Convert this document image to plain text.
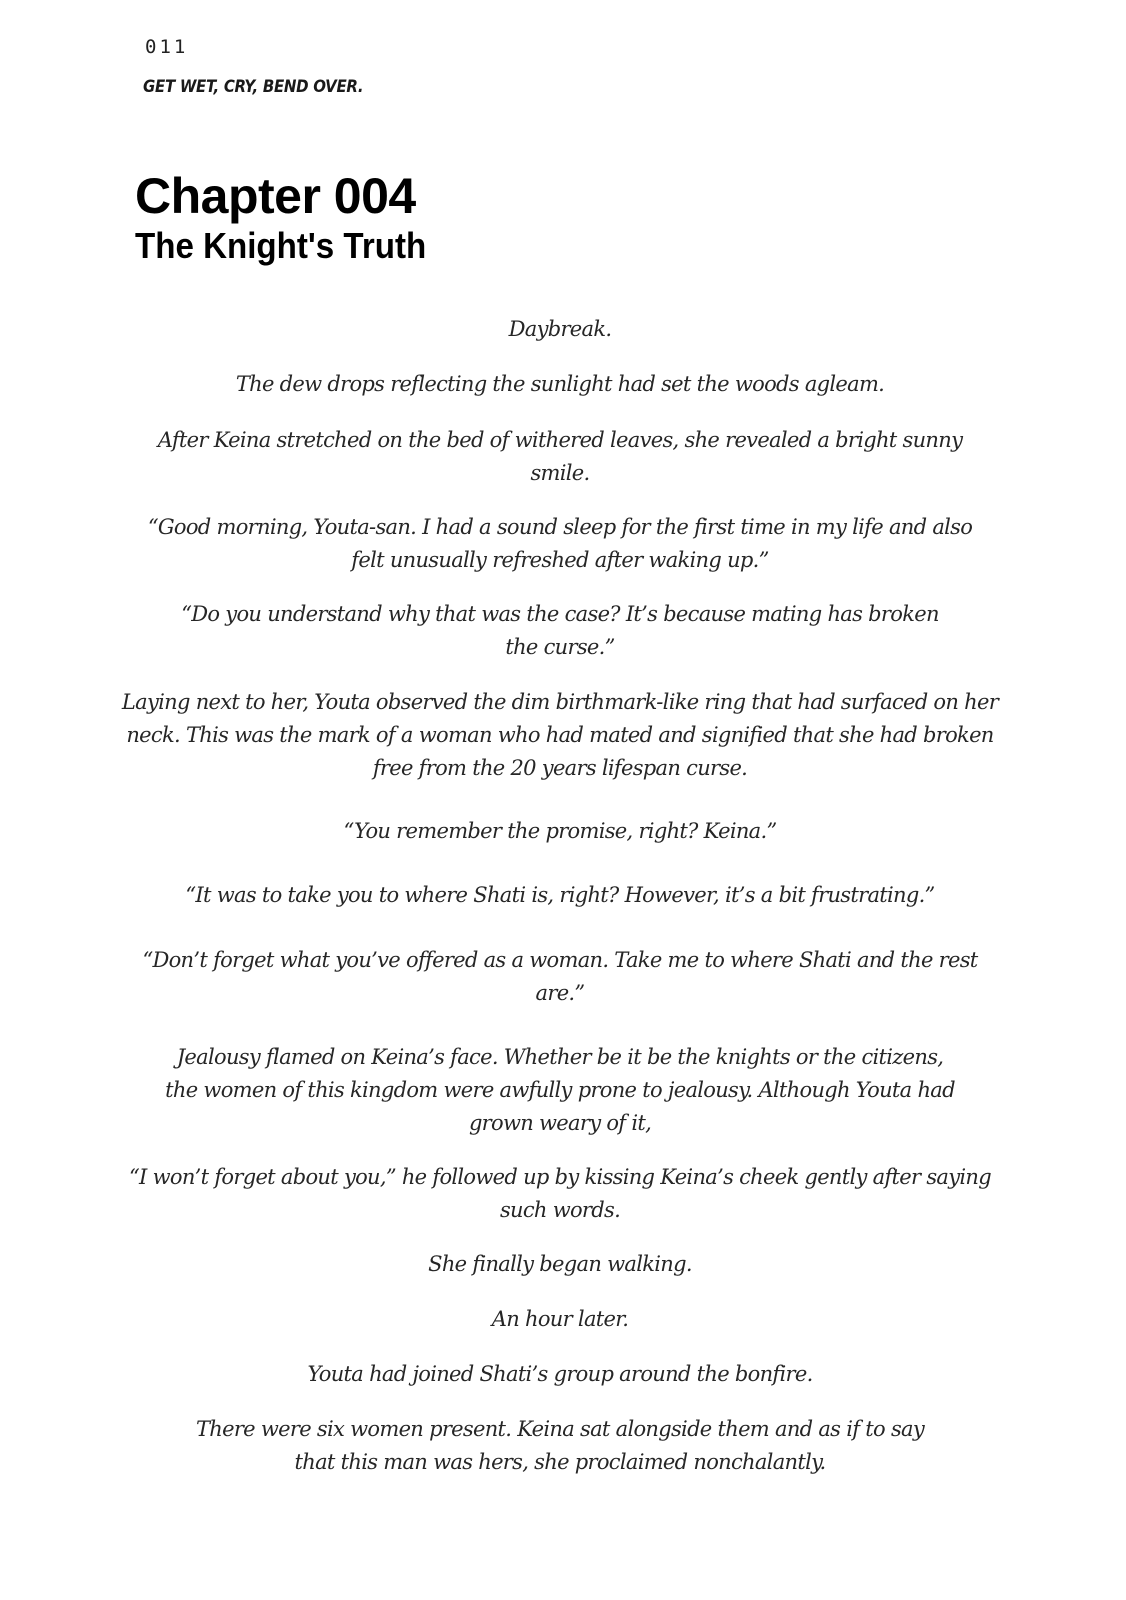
011
GET WET, CRY, BEND OVER.
Chapter 004
The Knight's Truth

Daybreak.

The dew drops reflecting the sunlight had set the woods agleam.

After Keina stretched on the bed of withered leaves, she revealed a bright sunny smile.

“Good morning, Youta-san. I had a sound sleep for the first time in my life and also felt unusually refreshed after waking up.”

“Do you understand why that was the case? It’s because mating has broken the curse.”

Laying next to her, Youta observed the dim birthmark-like ring that had surfaced on her neck. This was the mark of a woman who had mated and signified that she had broken free from the 20 years lifespan curse.

“You remember the promise, right? Keina.”

“It was to take you to where Shati is, right? However, it’s a bit frustrating.”

“Don’t forget what you’ve offered as a woman. Take me to where Shati and the rest are.”

Jealousy flamed on Keina’s face. Whether be it be the knights or the citizens, the women of this kingdom were awfully prone to jealousy. Although Youta had grown weary of it,

“I won’t forget about you,” he followed up by kissing Keina’s cheek gently after saying such words.

She finally began walking.

An hour later.

Youta had joined Shati’s group around the bonfire.

There were six women present. Keina sat alongside them and as if to say that this man was hers, she proclaimed nonchalantly.
